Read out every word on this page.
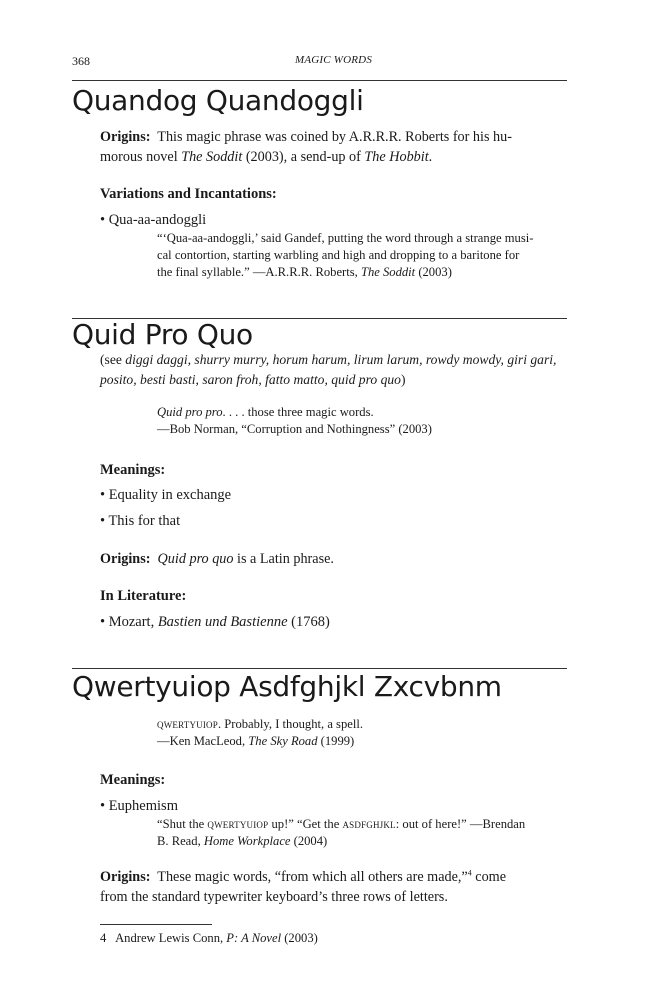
368	MAGIC WORDS
Quandog Quandoggli
Origins: This magic phrase was coined by A.R.R.R. Roberts for his hu-
morous novel The Soddit (2003), a send-up of The Hobbit.
Variations and Incantations:
• Qua-aa-andoggli
“‘Qua-aa-andoggli,’ said Gandef, putting the word through a strange musi-
cal contortion, starting warbling and high and dropping to a baritone for
the final syllable.” —A.R.R.R. Roberts, The Soddit (2003)
Quid Pro Quo
(see diggi daggi, shurry murry, horum harum, lirum larum, rowdy mowdy, giri gari,
posito, besti basti, saron froh, fatto matto, quid pro quo)
Quid pro pro. . . . those three magic words.
—Bob Norman, “Corruption and Nothingness” (2003)
Meanings:
• Equality in exchange
• This for that
Origins: Quid pro quo is a Latin phrase.
In Literature:
• Mozart, Bastien und Bastienne (1768)
Qwertyuiop Asdfghjkl Zxcvbnm
qwertyuiop. Probably, I thought, a spell.
—Ken MacLeod, The Sky Road (1999)
Meanings:
• Euphemism
“Shut the qwertyuiop up!” “Get the asdfghjkl: out of here!” —Brendan
B. Read, Home Workplace (2004)
Origins: These magic words, “from which all others are made,”$^4$ come
from the standard typewriter keyboard’s three rows of letters.
4 Andrew Lewis Conn, P: A Novel (2003)
